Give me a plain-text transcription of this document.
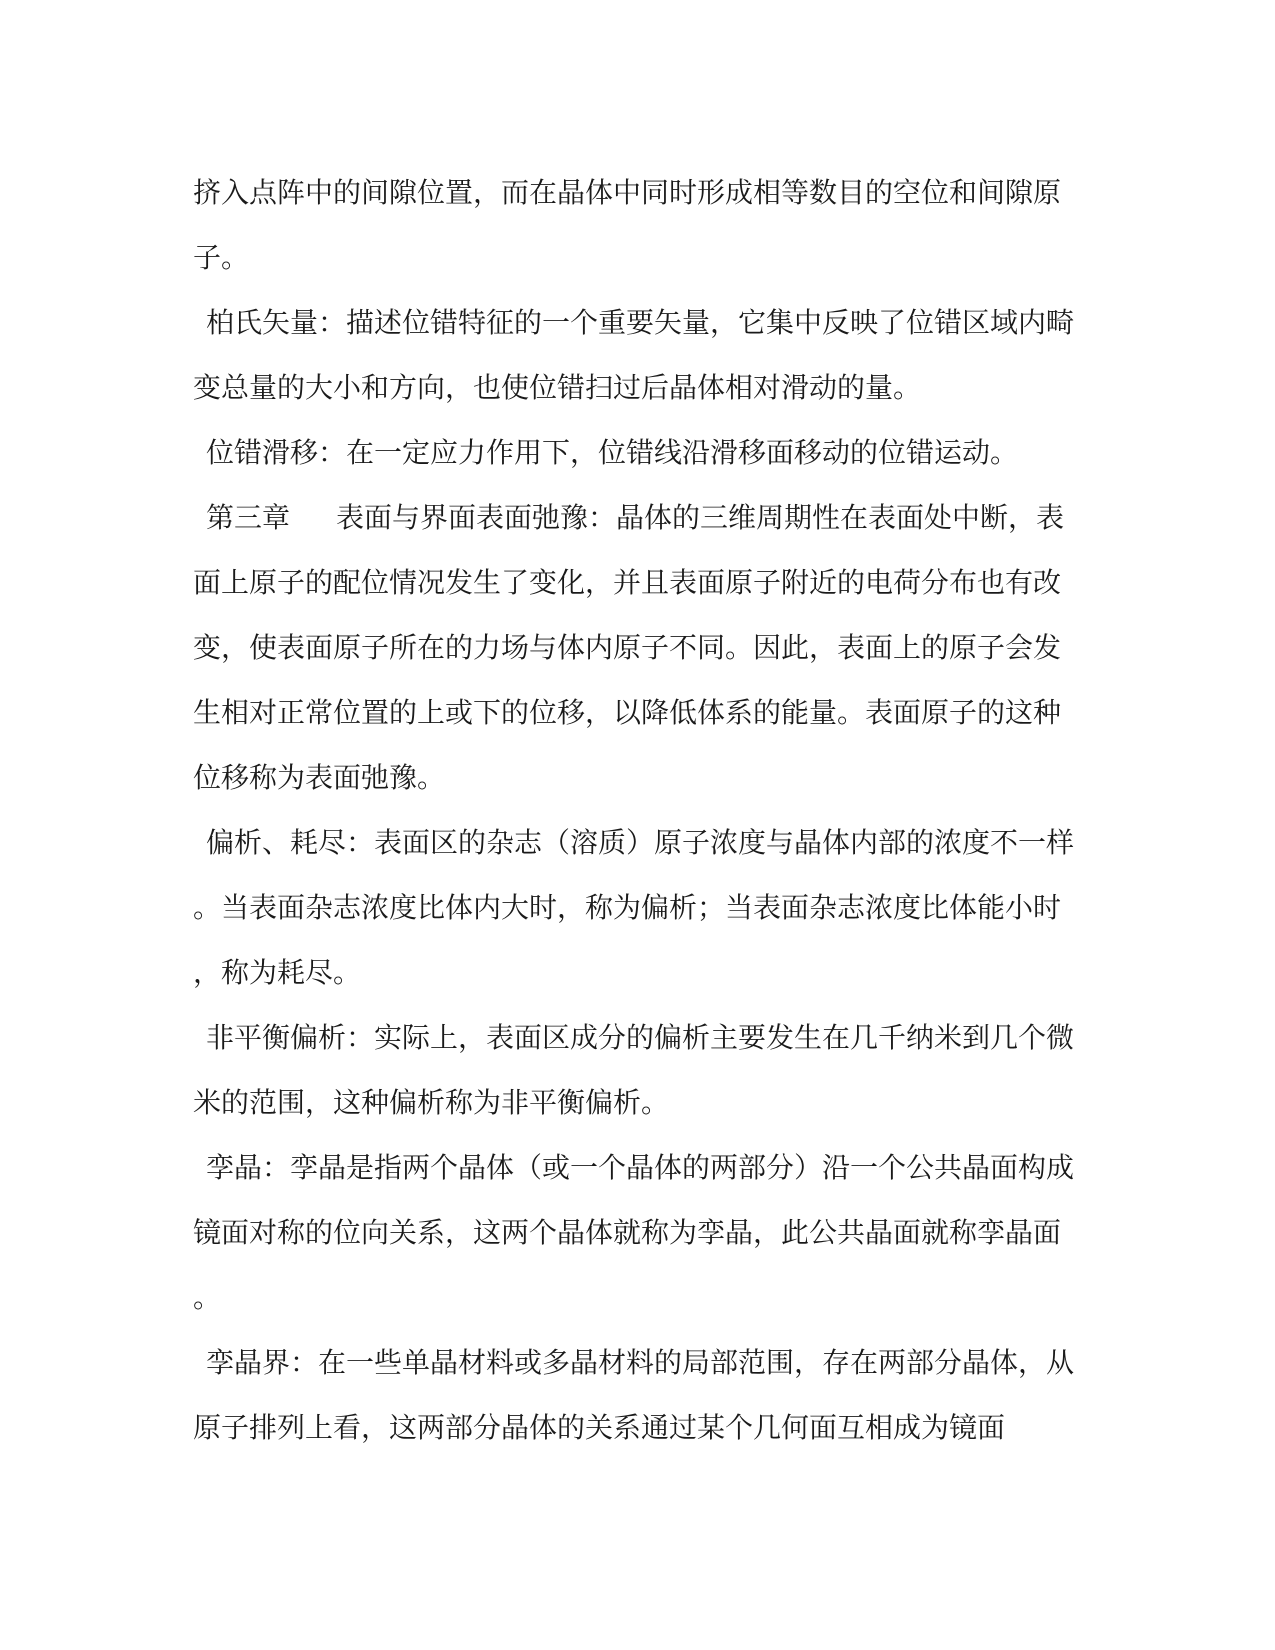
挤入点阵中的间隙位置，而在晶体中同时形成相等数目的空位和间隙原子。

柏氏矢量：描述位错特征的一个重要矢量，它集中反映了位错区域内畸变总量的大小和方向，也使位错扫过后晶体相对滑动的量。

位错滑移：在一定应力作用下，位错线沿滑移面移动的位错运动。

第三章 表面与界面表面弛豫：晶体的三维周期性在表面处中断，表面上原子的配位情况发生了变化，并且表面原子附近的电荷分布也有改变，使表面原子所在的力场与体内原子不同。因此，表面上的原子会发生相对正常位置的上或下的位移，以降低体系的能量。表面原子的这种位移称为表面弛豫。

偏析、耗尽：表面区的杂志（溶质）原子浓度与晶体内部的浓度不一样。当表面杂志浓度比体内大时，称为偏析；当表面杂志浓度比体能小时，称为耗尽。

非平衡偏析：实际上，表面区成分的偏析主要发生在几千纳米到几个微米的范围，这种偏析称为非平衡偏析。

孪晶：孪晶是指两个晶体（或一个晶体的两部分）沿一个公共晶面构成镜面对称的位向关系，这两个晶体就称为孪晶，此公共晶面就称孪晶面。

孪晶界：在一些单晶材料或多晶材料的局部范围，存在两部分晶体，从原子排列上看，这两部分晶体的关系通过某个几何面互相成为镜面
